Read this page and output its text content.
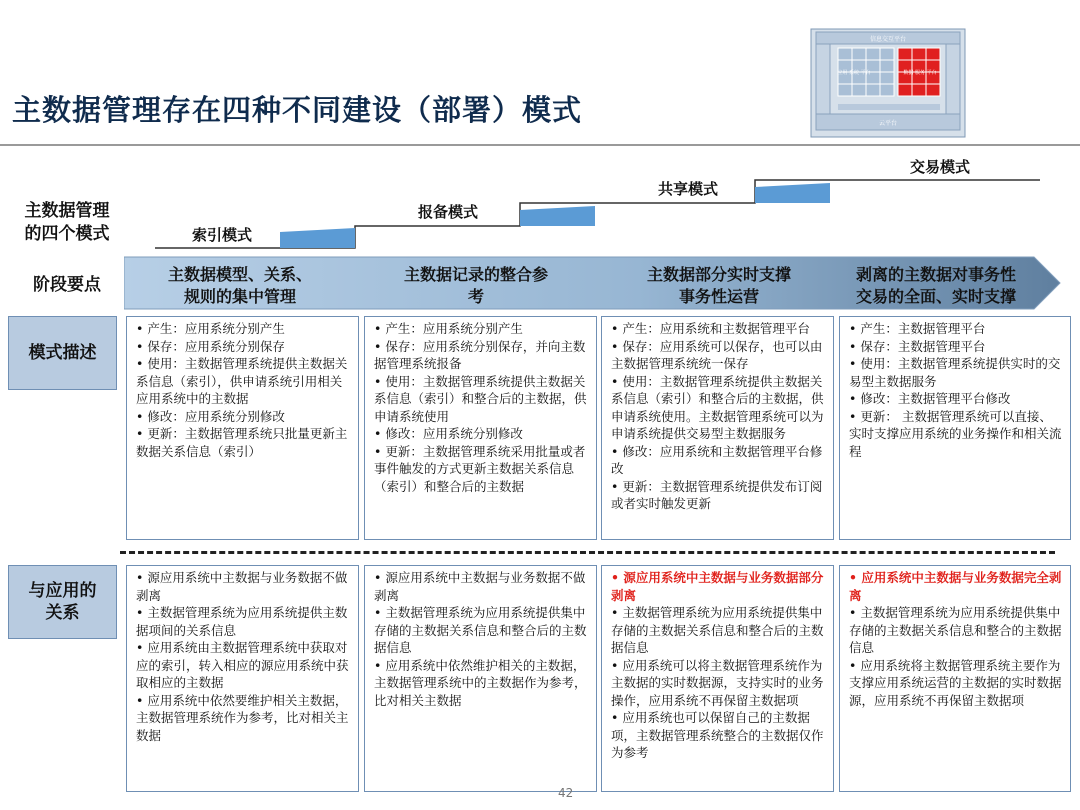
主数据管理存在四种不同建设（部署）模式
信息交互平台
应用 系统 平台	数据 服务 平台
云平台
主数据管理
的四个模式	索引模式
报备模式
共享模式
交易模式
阶段要点
主数据模型、关系、
规则的集中管理
主数据记录的整合参
考
主数据部分实时支撑
事务性运营
剥离的主数据对事务性
交易的全面、实时支撑
模式描述
• 产生：应用系统分别产生
• 保存：应用系统分别保存
• 使用：主数据管理系统提供主数据关系信息（索引），供申请系统引用相关应用系统中的主数据
• 修改：应用系统分别修改
• 更新：主数据管理系统只批量更新主数据关系信息（索引）
• 产生：应用系统分别产生
• 保存：应用系统分别保存，并向主数据管理系统报备
• 使用：主数据管理系统提供主数据关系信息（索引）和整合后的主数据，供申请系统使用
• 修改：应用系统分别修改
• 更新：主数据管理系统采用批量或者事件触发的方式更新主数据关系信息（索引）和整合后的主数据
• 产生：应用系统和主数据管理平台
• 保存：应用系统可以保存，也可以由主数据管理系统统一保存
• 使用：主数据管理系统提供主数据关系信息（索引）和整合后的主数据，供申请系统使用。主数据管理系统可以为申请系统提供交易型主数据服务
• 修改：应用系统和主数据管理平台修改
• 更新：主数据管理系统提供发布订阅或者实时触发更新
• 产生：主数据管理平台
• 保存：主数据管理平台
• 使用：主数据管理系统提供实时的交易型主数据服务
• 修改：主数据管理平台修改
• 更新： 主数据管理系统可以直接、实时支撑应用系统的业务操作和相关流程
与应用的
关系
• 源应用系统中主数据与业务数据不做剥离
• 主数据管理系统为应用系统提供主数据项间的关系信息
• 应用系统由主数据管理系统中获取对应的索引，转入相应的源应用系统中获取相应的主数据
• 应用系统中依然要维护相关主数据，主数据管理系统作为参考，比对相关主数据
• 源应用系统中主数据与业务数据不做剥离
• 主数据管理系统为应用系统提供集中存储的主数据关系信息和整合后的主数据信息
• 应用系统中依然维护相关的主数据，主数据管理系统中的主数据作为参考，比对相关主数据
• 源应用系统中主数据与业务数据部分剥离
• 主数据管理系统为应用系统提供集中存储的主数据关系信息和整合后的主数据信息
• 应用系统可以将主数据管理系统作为主数据的实时数据源，支持实时的业务操作，应用系统不再保留主数据项
• 应用系统也可以保留自己的主数据项，主数据管理系统整合的主数据仅作为参考
• 应用系统中主数据与业务数据完全剥离
• 主数据管理系统为应用系统提供集中存储的主数据关系信息和整合的主数据信息
• 应用系统将主数据管理系统主要作为支撑应用系统运营的主数据的实时数据源，应用系统不再保留主数据项
42
